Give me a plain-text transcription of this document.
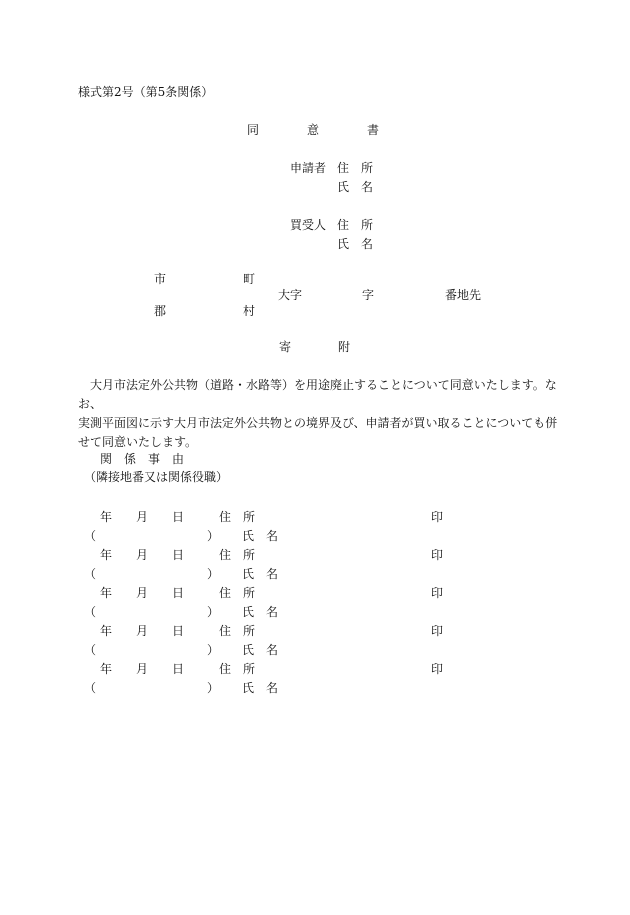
様式第2号（第5条関係）
同	意	書
申請者 住　所
氏　名
買受人 住　所
氏　名
市	町
大字	字	番地先
郡	村
寄	附

大月市法定外公共物（道路・水路等）を用途廃止することについて同意いたします。なお、

実測平面図に示す大月市法定外公共物との境界及び、申請者が買い取ることについても併

せて同意いたします。

関　係　事　由
（隣接地番又は関係役職）
年 月 日	住　所	印
（	） 氏　名
年 月 日	住　所	印
（	） 氏　名
年 月 日	住　所	印
（	） 氏　名
年 月 日	住　所	印
（	） 氏　名
年 月 日	住　所	印
（	） 氏　名
